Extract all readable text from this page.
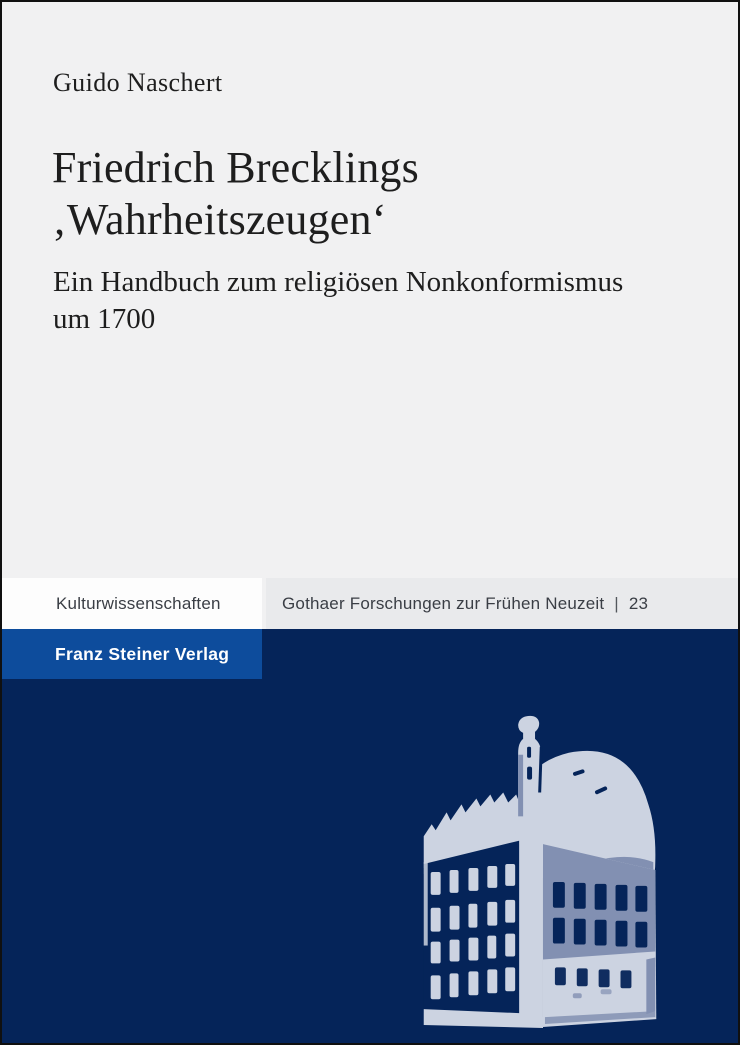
Guido Naschert
Friedrich Brecklings
‚Wahrheitszeugen‘
Ein Handbuch zum religiösen Nonkonformismus
um 1700
Kulturwissenschaften	Gothaer Forschungen zur Frühen Neuzeit | 23
Franz Steiner Verlag
